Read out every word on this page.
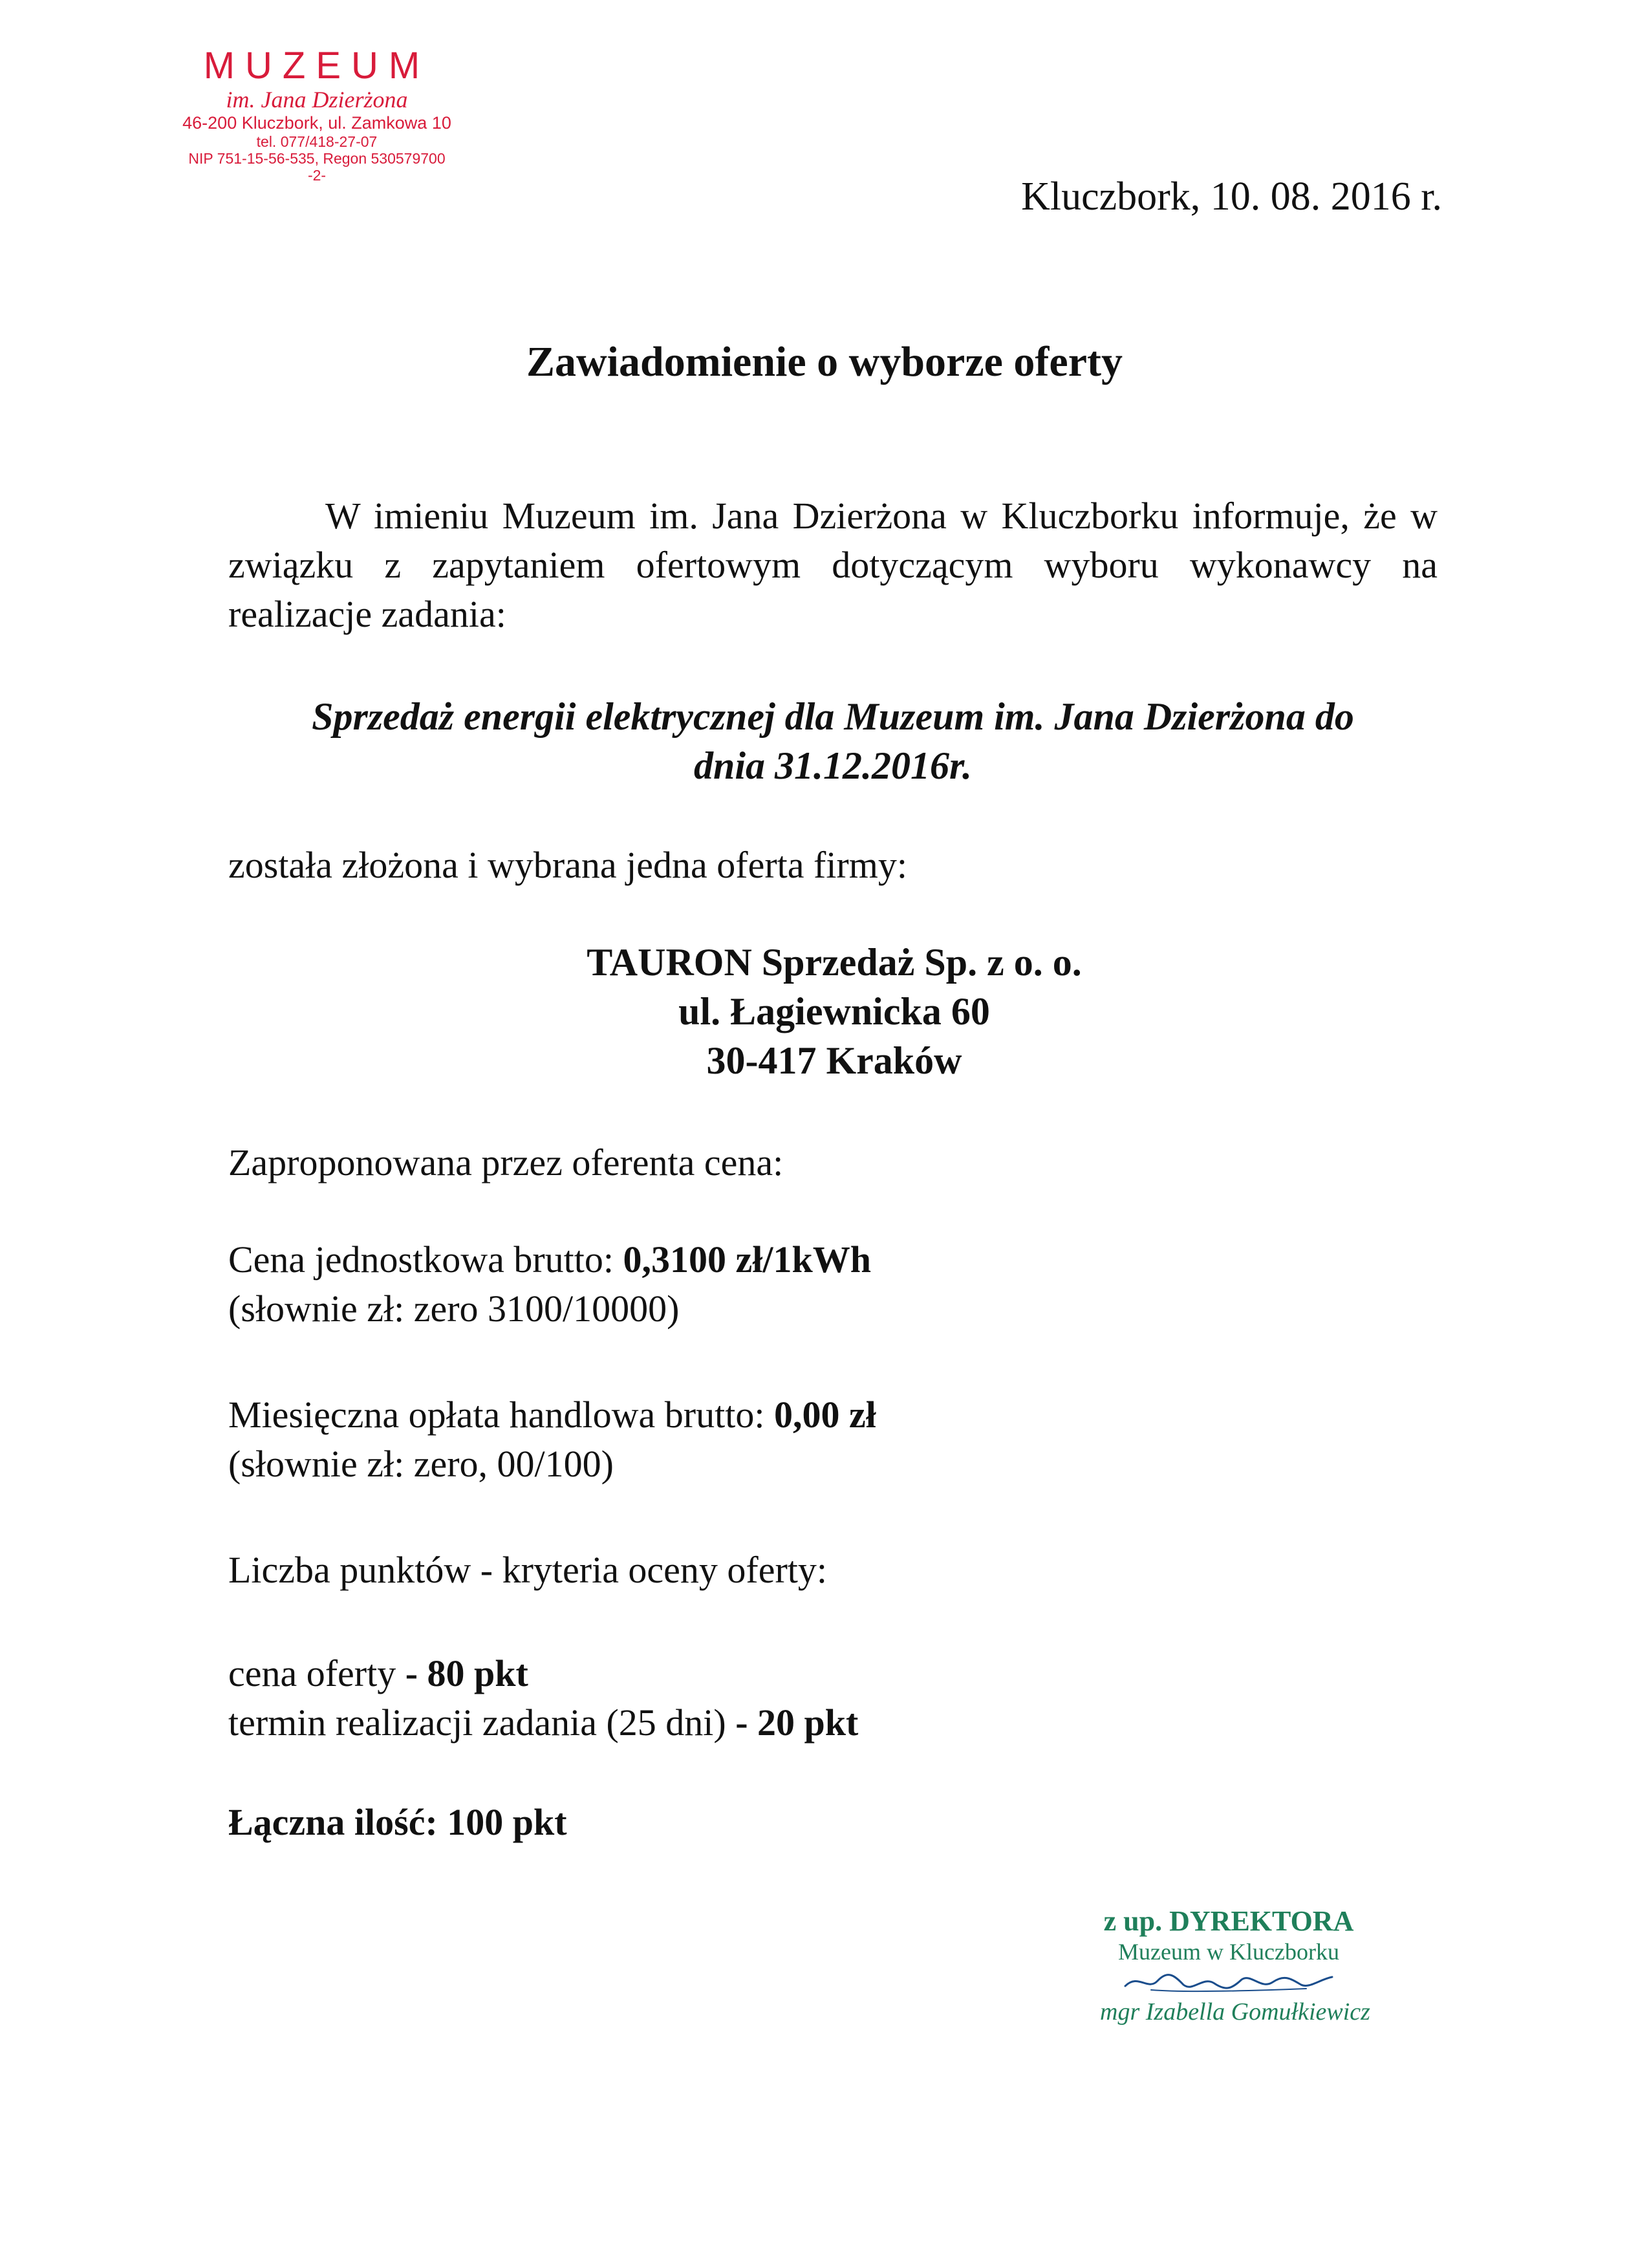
MUZEUM
im. Jana Dzierżona
46-200 Kluczbork, ul. Zamkowa 10
tel. 077/418-27-07
NIP 751-15-56-535, Regon 530579700
-2-	Kluczbork, 10. 08. 2016 r.
Zawiadomienie o wyborze oferty
W imieniu Muzeum im. Jana Dzierżona w Kluczborku informuje, że w związku z zapytaniem ofertowym dotyczącym wyboru wykonawcy na realizacje zadania:
Sprzedaż energii elektrycznej dla Muzeum im. Jana Dzierżona do
dnia 31.12.2016r.
została złożona i wybrana jedna oferta firmy:
TAURON Sprzedaż Sp. z o. o.
ul. Łagiewnicka 60
30-417 Kraków
Zaproponowana przez oferenta cena:
Cena jednostkowa brutto: 0,3100 zł/1kWh
(słownie zł: zero 3100/10000)
Miesięczna opłata handlowa brutto: 0,00 zł
(słownie zł: zero, 00/100)
Liczba punktów - kryteria oceny oferty:
cena oferty - 80 pkt
termin realizacji zadania (25 dni) - 20 pkt
Łączna ilość: 100 pkt
z up. DYREKTORA
Muzeum w Kluczborku
mgr Izabella Gomułkiewicz
